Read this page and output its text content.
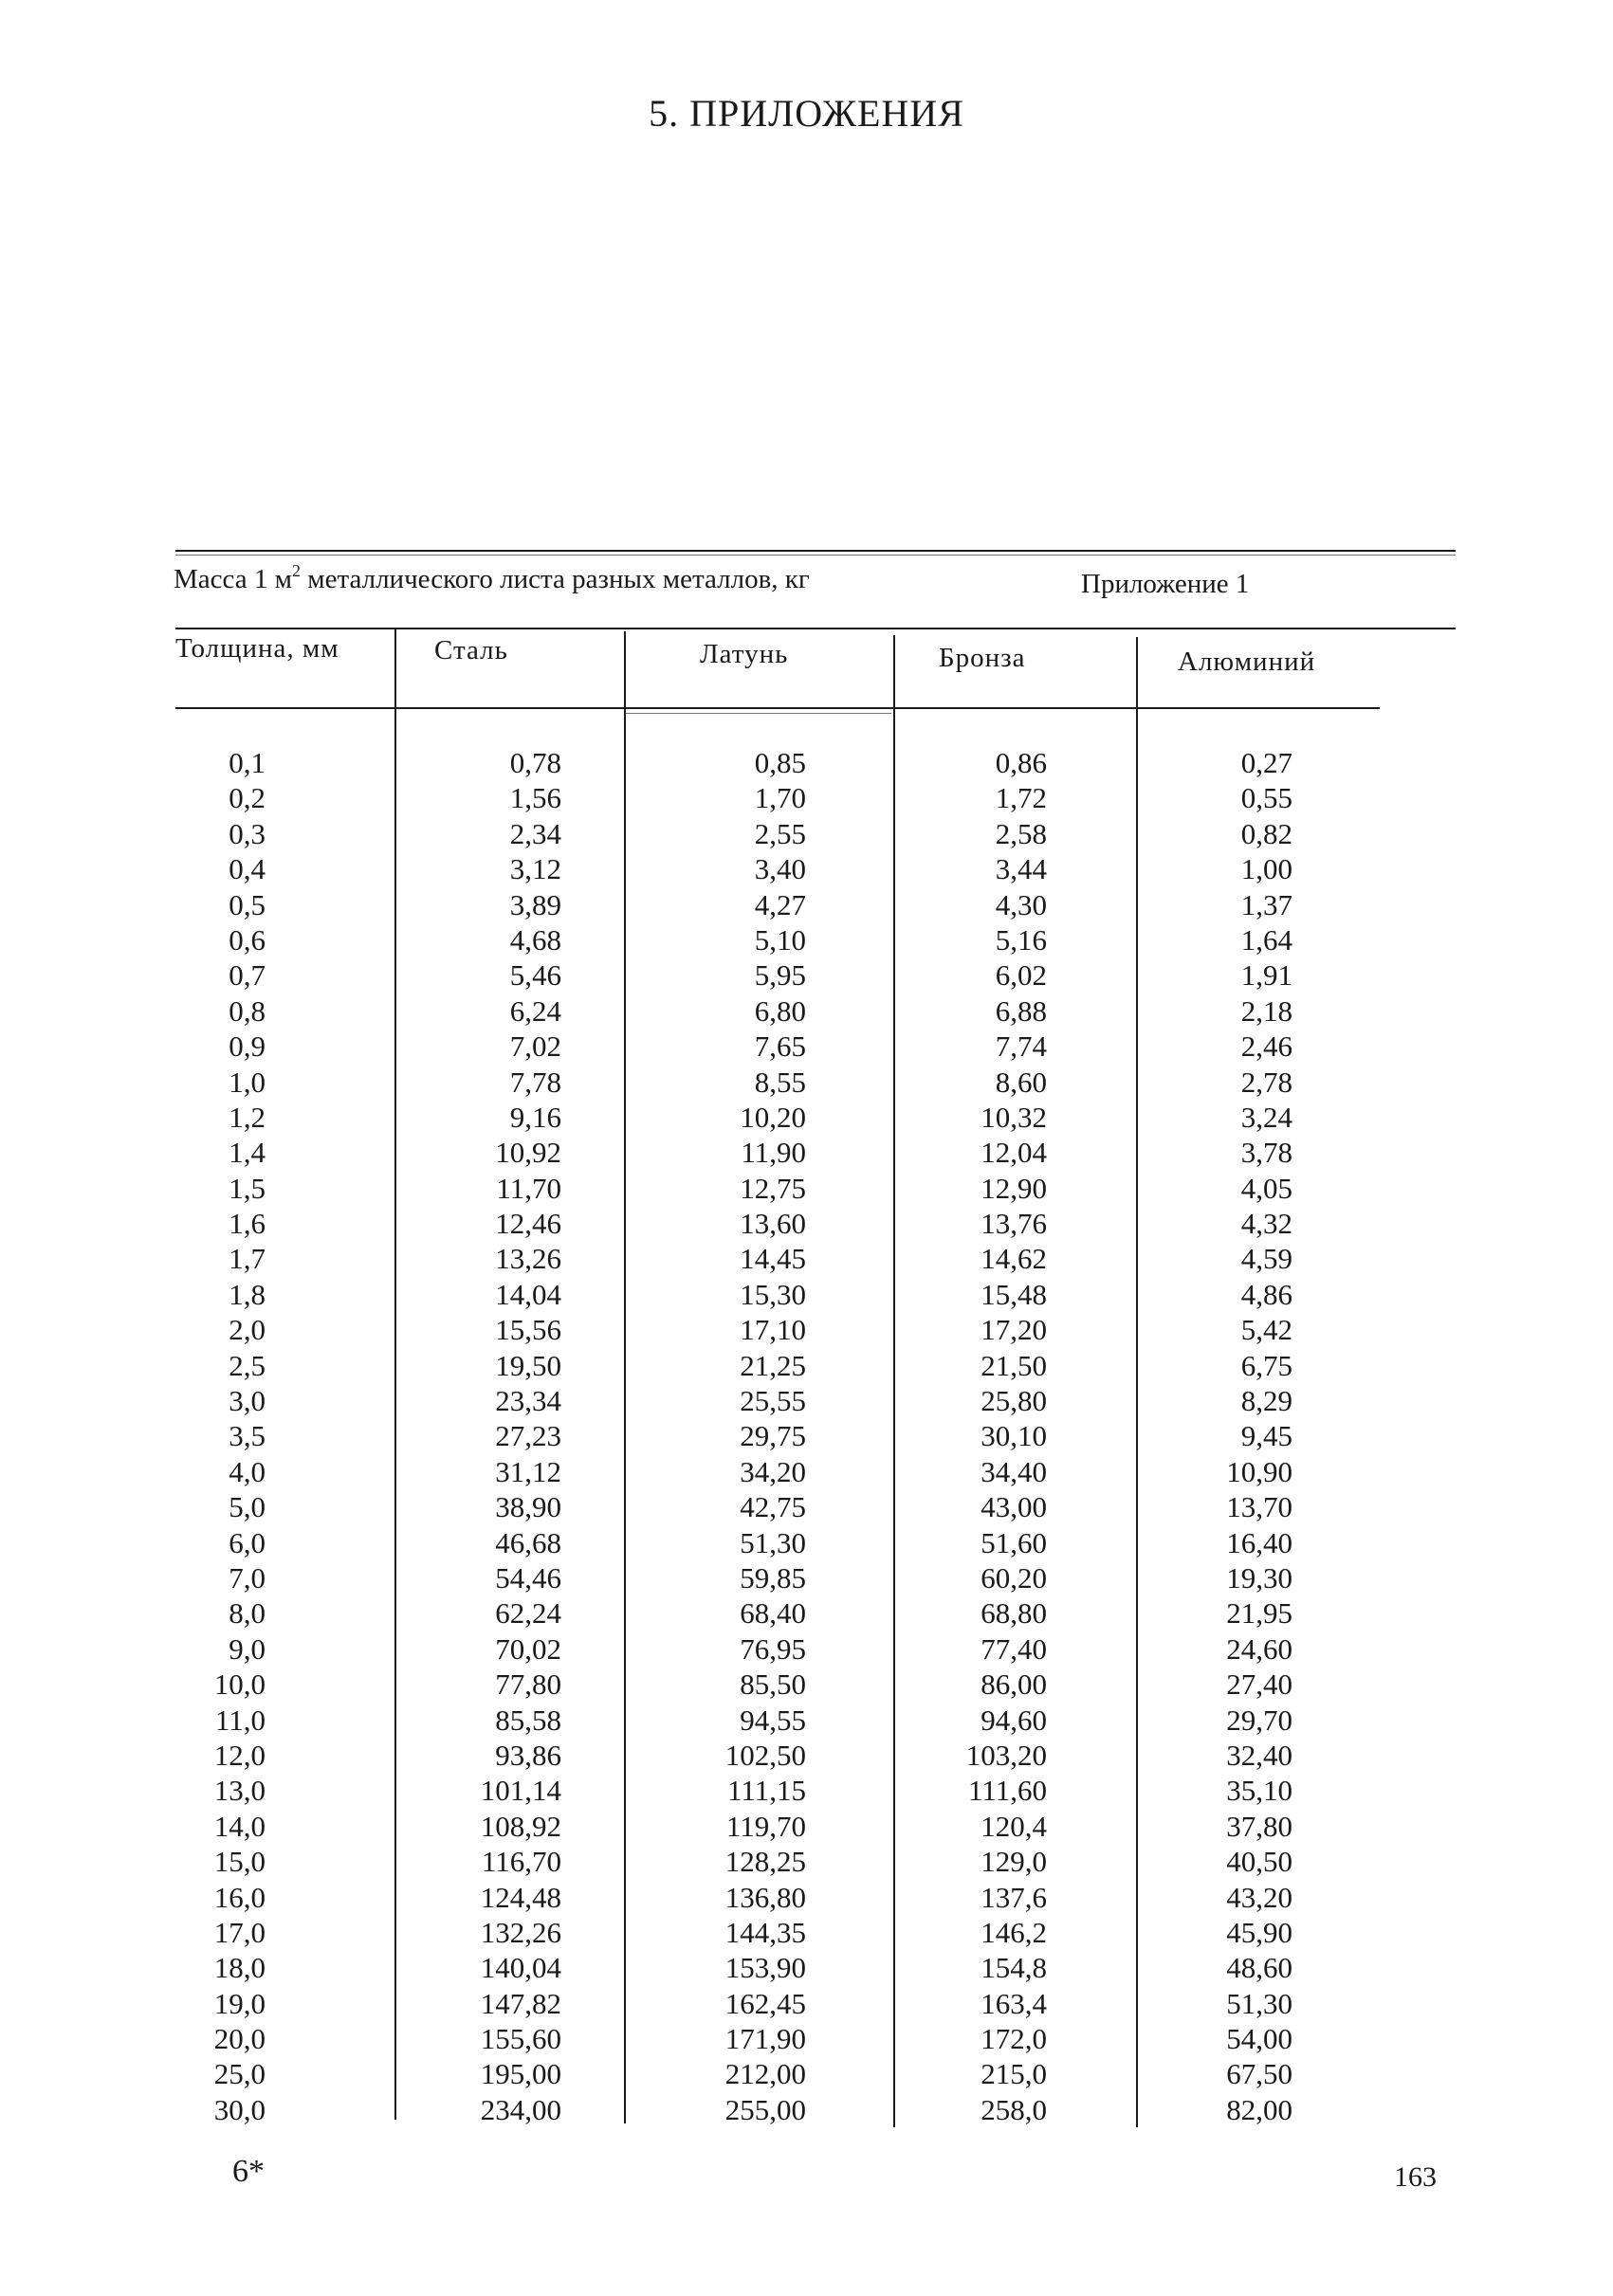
5. ПРИЛОЖЕНИЯ
Масса 1 $м^2$ металлического листа разных металлов, кг	Приложение 1
Толщина, мм	Сталь	Латунь	Бронза	Алюминий
0,1	0,78	0,85	0,86	0,27
0,2	1,56	1,70	1,72	0,55
0,3	2,34	2,55	2,58	0,82
0,4	3,12	3,40	3,44	1,00
0,5	3,89	4,27	4,30	1,37
0,6	4,68	5,10	5,16	1,64
0,7	5,46	5,95	6,02	1,91
0,8	6,24	6,80	6,88	2,18
0,9	7,02	7,65	7,74	2,46
1,0	7,78	8,55	8,60	2,78
1,2	9,16	10,20	10,32	3,24
1,4	10,92	11,90	12,04	3,78
1,5	11,70	12,75	12,90	4,05
1,6	12,46	13,60	13,76	4,32
1,7	13,26	14,45	14,62	4,59
1,8	14,04	15,30	15,48	4,86
2,0	15,56	17,10	17,20	5,42
2,5	19,50	21,25	21,50	6,75
3,0	23,34	25,55	25,80	8,29
3,5	27,23	29,75	30,10	9,45
4,0	31,12	34,20	34,40	10,90
5,0	38,90	42,75	43,00	13,70
6,0	46,68	51,30	51,60	16,40
7,0	54,46	59,85	60,20	19,30
8,0	62,24	68,40	68,80	21,95
9,0	70,02	76,95	77,40	24,60
10,0	77,80	85,50	86,00	27,40
11,0	85,58	94,55	94,60	29,70
12,0	93,86	102,50	103,20	32,40
13,0	101,14	111,15	111,60	35,10
14,0	108,92	119,70	120,4	37,80
15,0	116,70	128,25	129,0	40,50
16,0	124,48	136,80	137,6	43,20
17,0	132,26	144,35	146,2	45,90
18,0	140,04	153,90	154,8	48,60
19,0	147,82	162,45	163,4	51,30
20,0	155,60	171,90	172,0	54,00
25,0	195,00	212,00	215,0	67,50
30,0	234,00	255,00	258,0	82,00
6*	163
